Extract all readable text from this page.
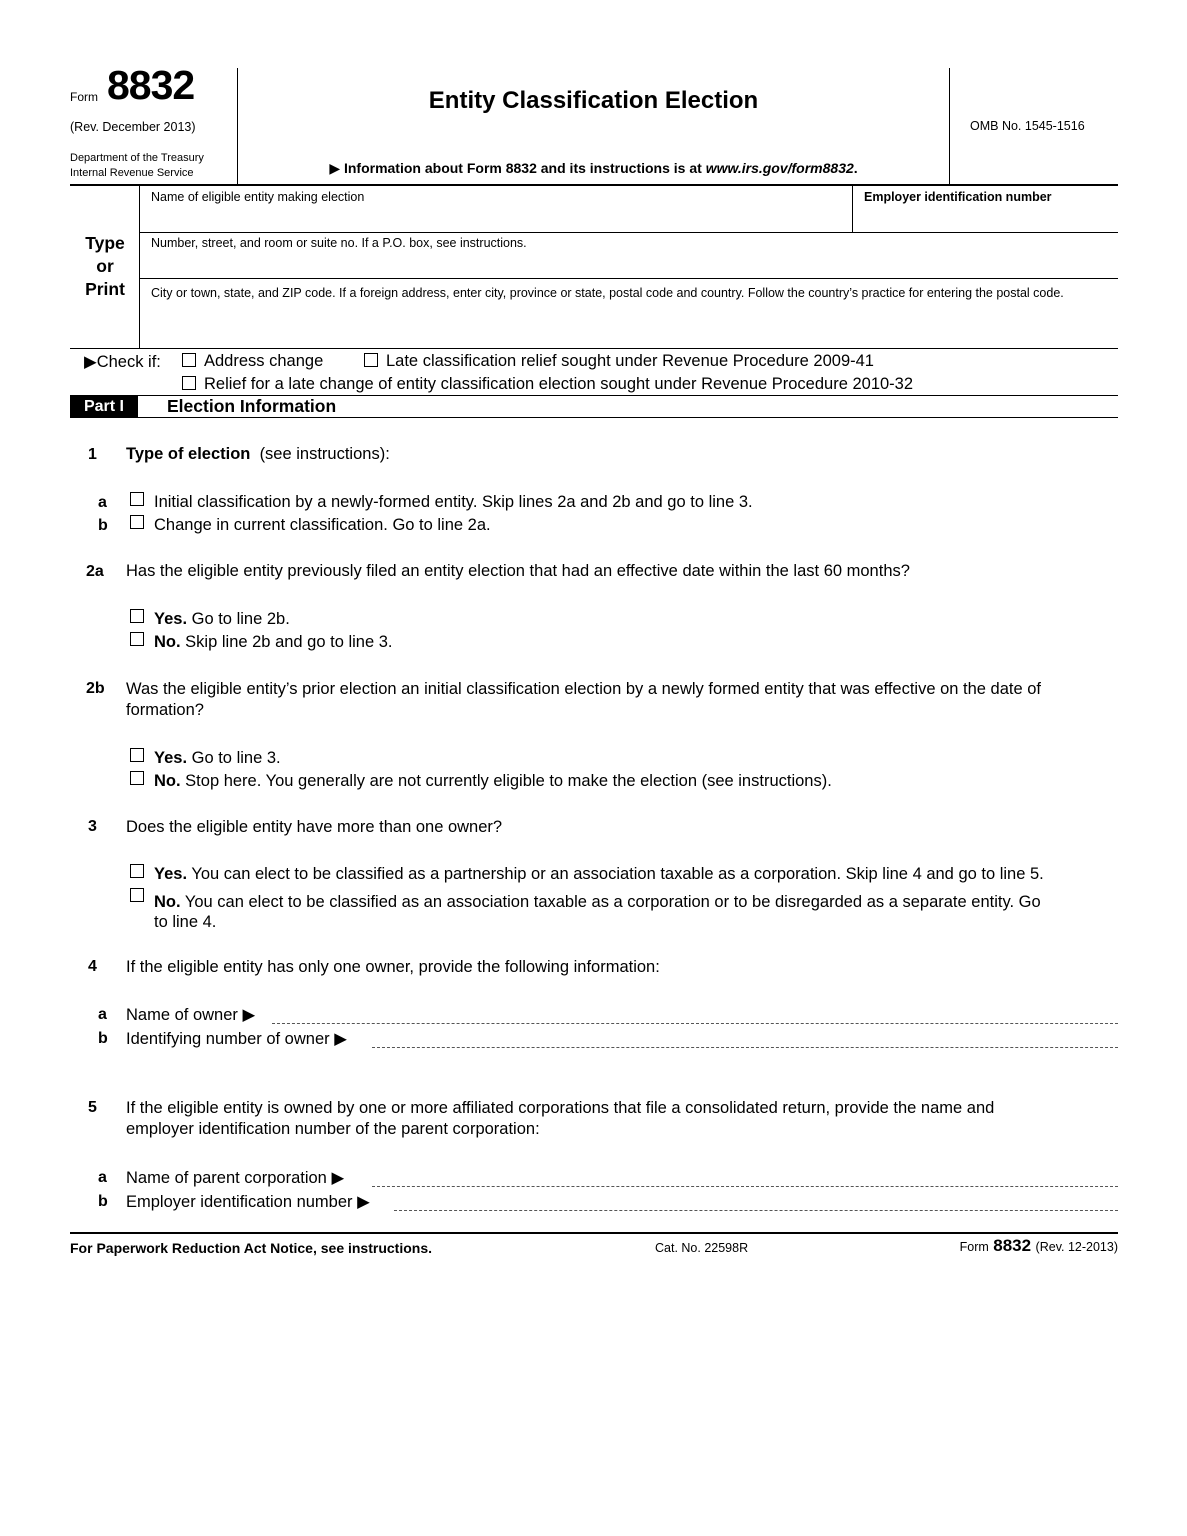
Form 8832
(Rev. December 2013)
Department of the Treasury
Internal Revenue Service
Entity Classification Election
▶ Information about Form 8832 and its instructions is at www.irs.gov/form8832.
OMB No. 1545-1516
Type
or
Print
Name of eligible entity making election	Employer identification number
Number, street, and room or suite no. If a P.O. box, see instructions.
City or town, state, and ZIP code. If a foreign address, enter city, province or state, postal code and country. Follow the country’s practice for entering the postal code.
▶Check if:	Address change	Late classification relief sought under Revenue Procedure 2009-41
Relief for a late change of entity classification election sought under Revenue Procedure 2010-32
Part I	Election Information
1 Type of election (see instructions):
a	Initial classification by a newly-formed entity. Skip lines 2a and 2b and go to line 3.
b	Change in current classification. Go to line 2a.
2a Has the eligible entity previously filed an entity election that had an effective date within the last 60 months?
Yes. Go to line 2b.
No. Skip line 2b and go to line 3.
2b Was the eligible entity’s prior election an initial classification election by a newly formed entity that was effective on the date of
formation?
Yes. Go to line 3.
No. Stop here. You generally are not currently eligible to make the election (see instructions).
3 Does the eligible entity have more than one owner?
Yes. You can elect to be classified as a partnership or an association taxable as a corporation. Skip line 4 and go to line 5.
No. You can elect to be classified as an association taxable as a corporation or to be disregarded as a separate entity. Go
to line 4.
4 If the eligible entity has only one owner, provide the following information:
a Name of owner ▶
b Identifying number of owner ▶
5 If the eligible entity is owned by one or more affiliated corporations that file a consolidated return, provide the name and
employer identification number of the parent corporation:
a Name of parent corporation ▶
b Employer identification number ▶
For Paperwork Reduction Act Notice, see instructions.	Cat. No. 22598R	Form 8832 (Rev. 12-2013)
